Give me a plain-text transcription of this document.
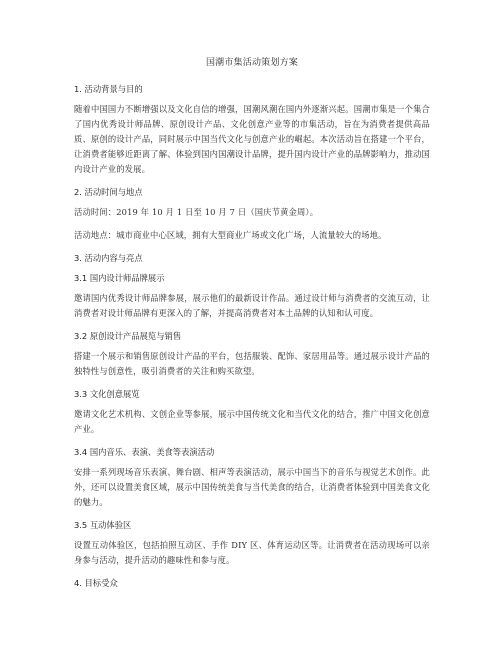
国潮市集活动策划方案
1. 活动背景与目的
随着中国国力不断增强以及文化自信的增强，国潮风潮在国内外逐渐兴起。国潮市集是一个集合了国内优秀设计师品牌、原创设计产品、文化创意产业等的市集活动，旨在为消费者提供高品质、原创的设计产品，同时展示中国当代文化与创意产业的崛起。本次活动旨在搭建一个平台，让消费者能够近距离了解、体验到国内国潮设计品牌，提升国内设计产业的品牌影响力，推动国内设计产业的发展。
2. 活动时间与地点
活动时间：2019 年 10 月 1 日至 10 月 7 日（国庆节黄金周）。
活动地点：城市商业中心区域，拥有大型商业广场或文化广场，人流量较大的场地。
3. 活动内容与亮点
3.1 国内设计师品牌展示
邀请国内优秀设计师品牌参展，展示他们的最新设计作品。通过设计师与消费者的交流互动，让消费者对设计师品牌有更深入的了解，并提高消费者对本土品牌的认知和认可度。
3.2 原创设计产品展览与销售
搭建一个展示和销售原创设计产品的平台，包括服装、配饰、家居用品等。通过展示设计产品的独特性与创意性，吸引消费者的关注和购买欲望。
3.3 文化创意展览
邀请文化艺术机构、文创企业等参展，展示中国传统文化和当代文化的结合，推广中国文化创意产业。
3.4 国内音乐、表演、美食等表演活动
安排一系列现场音乐表演、舞台剧、相声等表演活动，展示中国当下的音乐与视觉艺术创作。此外，还可以设置美食区域，展示中国传统美食与当代美食的结合，让消费者体验到中国美食文化的魅力。
3.5 互动体验区
设置互动体验区，包括拍照互动区、手作 DIY 区、体育运动区等。让消费者在活动现场可以亲身参与活动，提升活动的趣味性和参与度。
4. 目标受众
